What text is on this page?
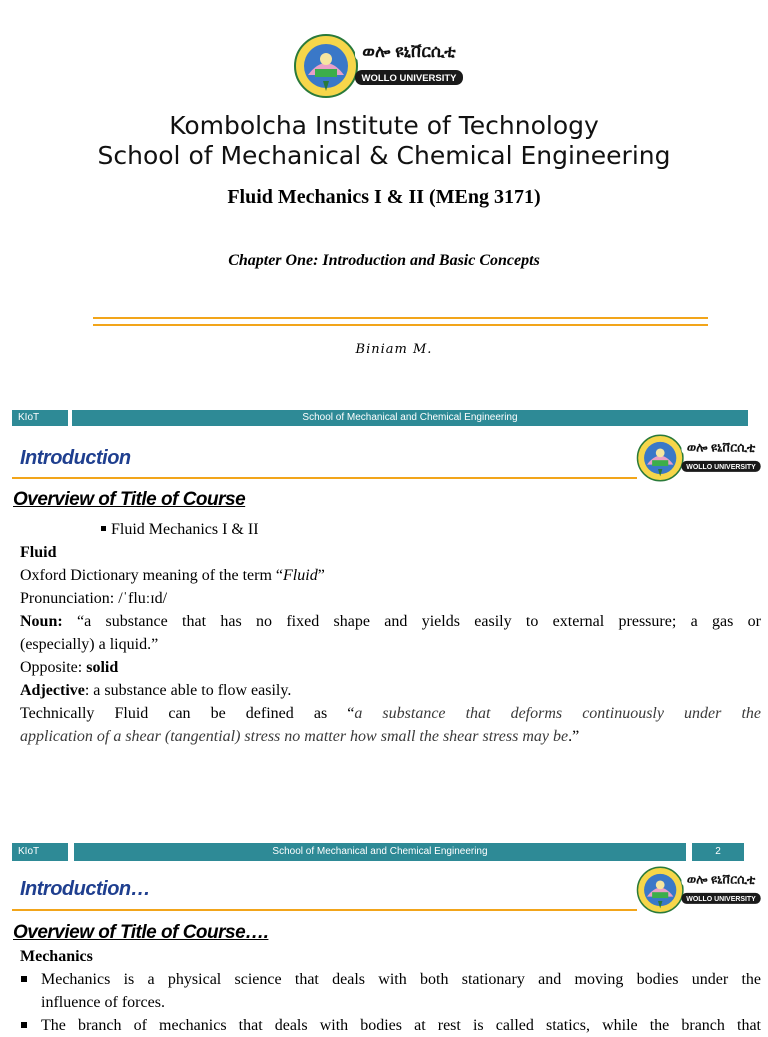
ወሎ ዩኒቨርሲቲ
WOLLO UNIVERSITY
Kombolcha Institute of Technology
School of Mechanical & Chemical Engineering
Fluid Mechanics I & II (MEng 3171)
Chapter One: Introduction and Basic Concepts
Biniam M.
KIoT	School of Mechanical and Chemical Engineering
Introduction	ወሎ ዩኒቨርሲቲ
WOLLO UNIVERSITY
Overview of Title of Course
Fluid Mechanics I & II
Fluid
Oxford Dictionary meaning of the term “Fluid”
Pronunciation: /ˈfluːɪd/
Noun: “a substance that has no fixed shape and yields easily to external pressure; a gas or
(especially) a liquid.”
Opposite: solid
Adjective: a substance able to flow easily.
Technically Fluid can be defined as “a substance that deforms continuously under the
application of a shear (tangential) stress no matter how small the shear stress may be.”
KIoT	School of Mechanical and Chemical Engineering	2
Introduction…	ወሎ ዩኒቨርሲቲ
WOLLO UNIVERSITY
Overview of Title of Course….
Mechanics
Mechanics is a physical science that deals with both stationary and moving bodies under the
influence of forces.
The branch of mechanics that deals with bodies at rest is called statics, while the branch that
